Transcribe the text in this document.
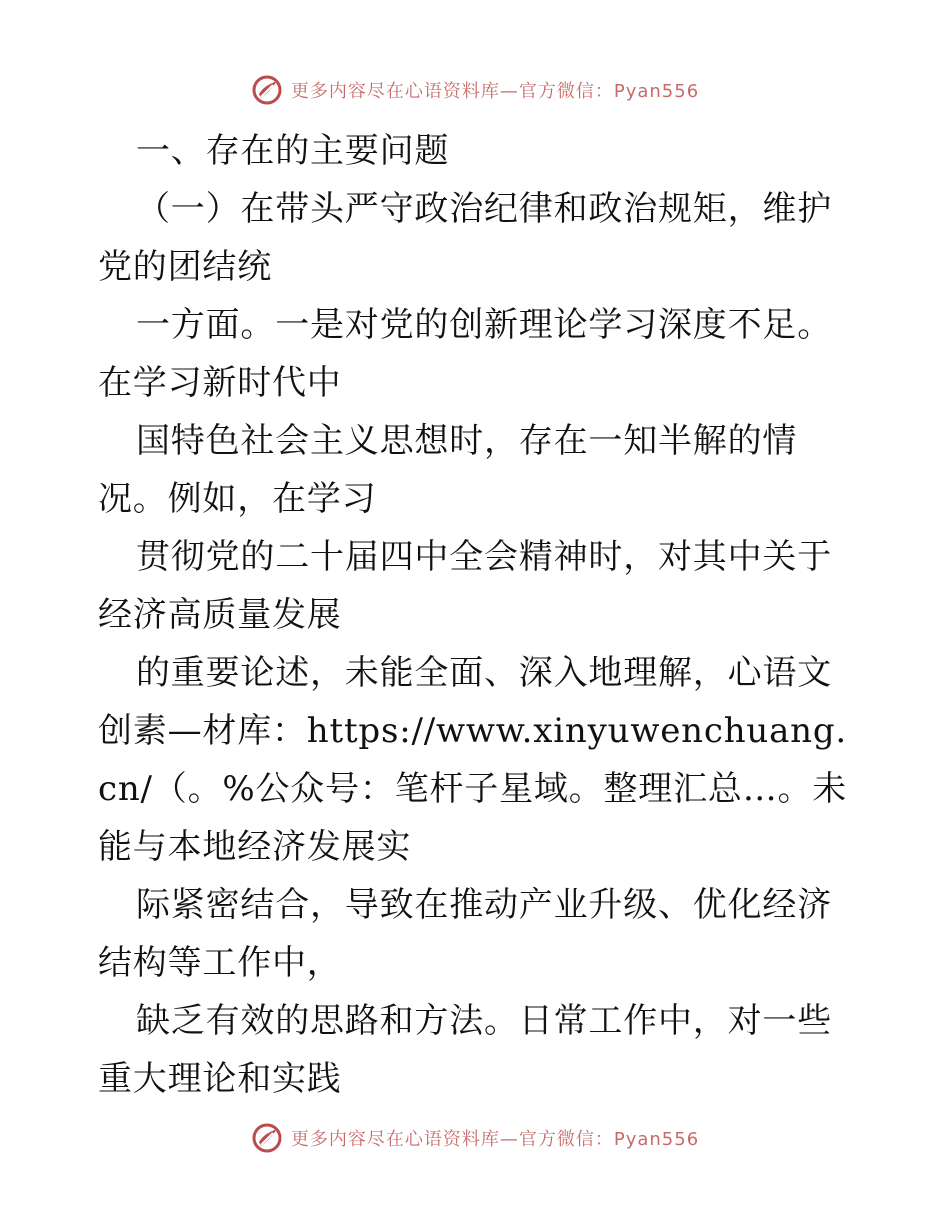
更多内容尽在心语资料库—官方微信：Pyan556

一、存在的主要问题

（一）在带头严守政治纪律和政治规矩，维护党的团结统

一方面。一是对党的创新理论学习深度不足。在学习新时代中

国特色社会主义思想时，存在一知半解的情况。例如，在学习

贯彻党的二十届四中全会精神时，对其中关于经济高质量发展

的重要论述，未能全面、深入地理解，心语文创素—材库：https://www.xinyuwenchuang.cn/（。%公众号：笔杆子星域。整理汇总…。未能与本地经济发展实

际紧密结合，导致在推动产业升级、优化经济结构等工作中，

缺乏有效的思路和方法。日常工作中，对一些重大理论和实践

更多内容尽在心语资料库—官方微信：Pyan556
